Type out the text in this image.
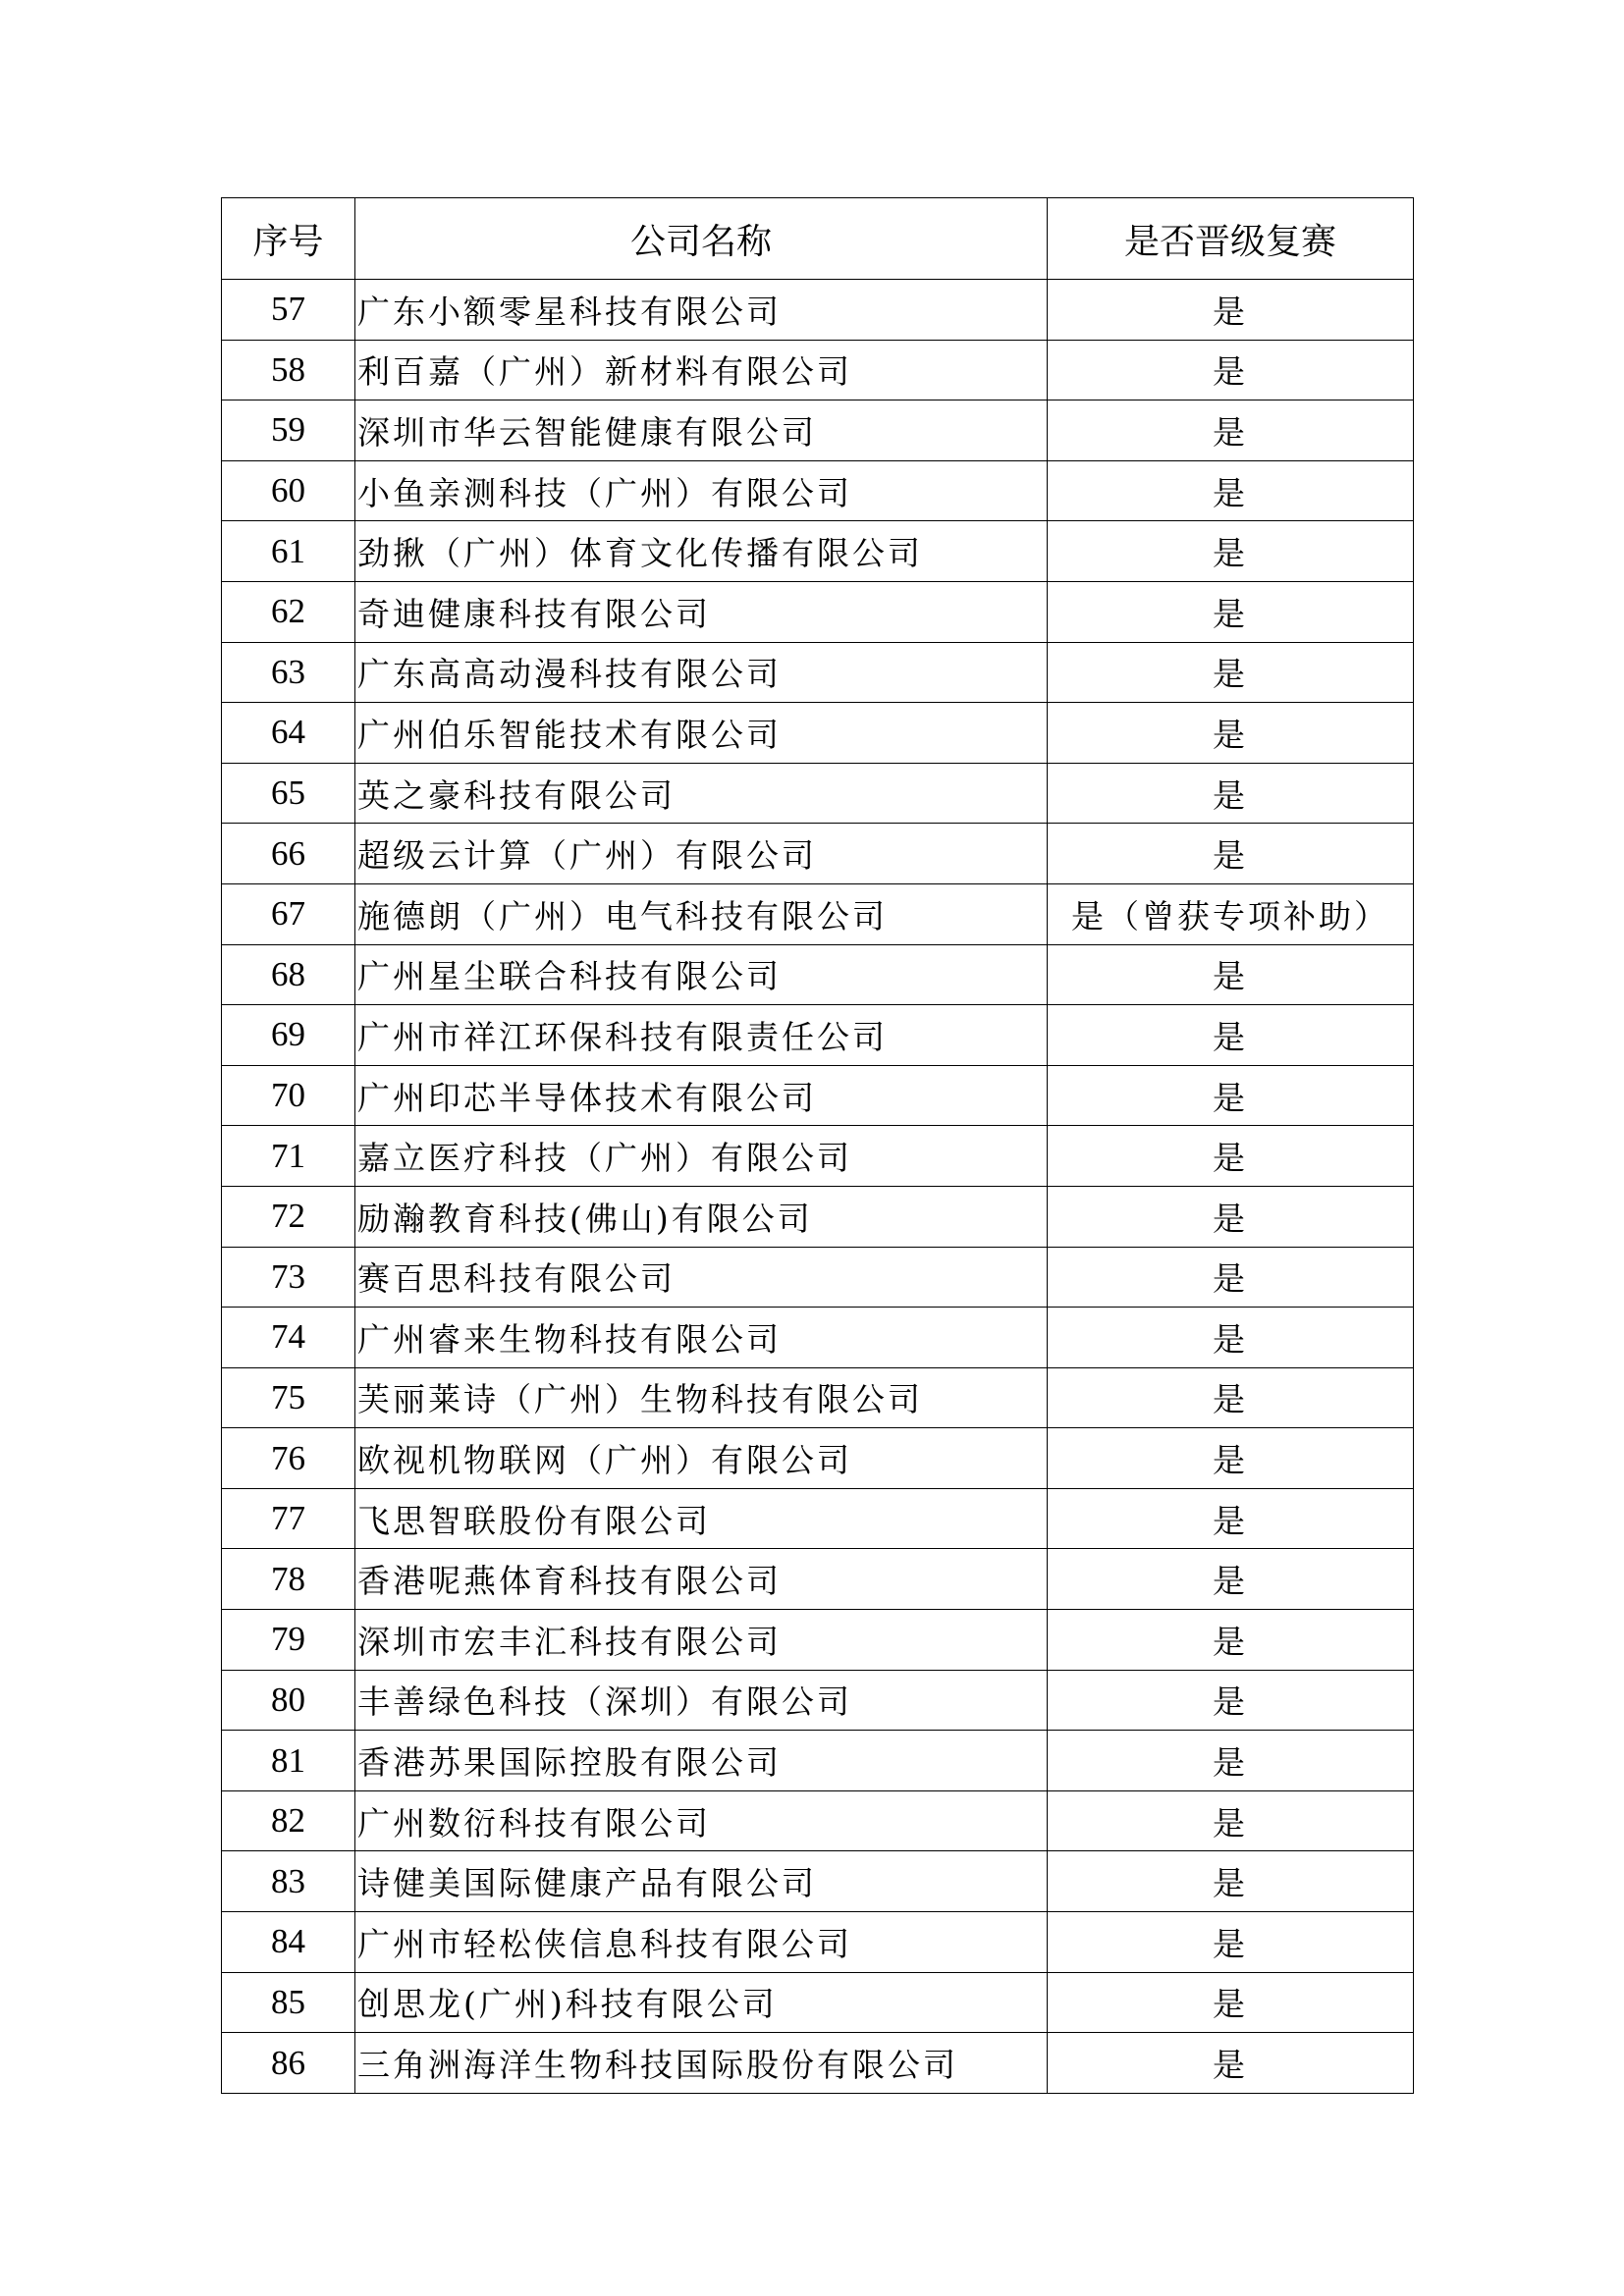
序号	公司名称	是否晋级复赛
57	广东小额零星科技有限公司	是
58	利百嘉（广州）新材料有限公司	是
59	深圳市华云智能健康有限公司	是
60	小鱼亲测科技（广州）有限公司	是
61	劲揪（广州）体育文化传播有限公司	是
62	奇迪健康科技有限公司	是
63	广东高高动漫科技有限公司	是
64	广州伯乐智能技术有限公司	是
65	英之豪科技有限公司	是
66	超级云计算（广州）有限公司	是
67	施德朗（广州）电气科技有限公司	是（曾获专项补助）
68	广州星尘联合科技有限公司	是
69	广州市祥江环保科技有限责任公司	是
70	广州印芯半导体技术有限公司	是
71	嘉立医疗科技（广州）有限公司	是
72	励瀚教育科技(佛山)有限公司	是
73	赛百思科技有限公司	是
74	广州睿来生物科技有限公司	是
75	芙丽莱诗（广州）生物科技有限公司	是
76	欧视机物联网（广州）有限公司	是
77	飞思智联股份有限公司	是
78	香港呢燕体育科技有限公司	是
79	深圳市宏丰汇科技有限公司	是
80	丰善绿色科技（深圳）有限公司	是
81	香港苏果国际控股有限公司	是
82	广州数衍科技有限公司	是
83	诗健美国际健康产品有限公司	是
84	广州市轻松侠信息科技有限公司	是
85	创思龙(广州)科技有限公司	是
86	三角洲海洋生物科技国际股份有限公司	是
